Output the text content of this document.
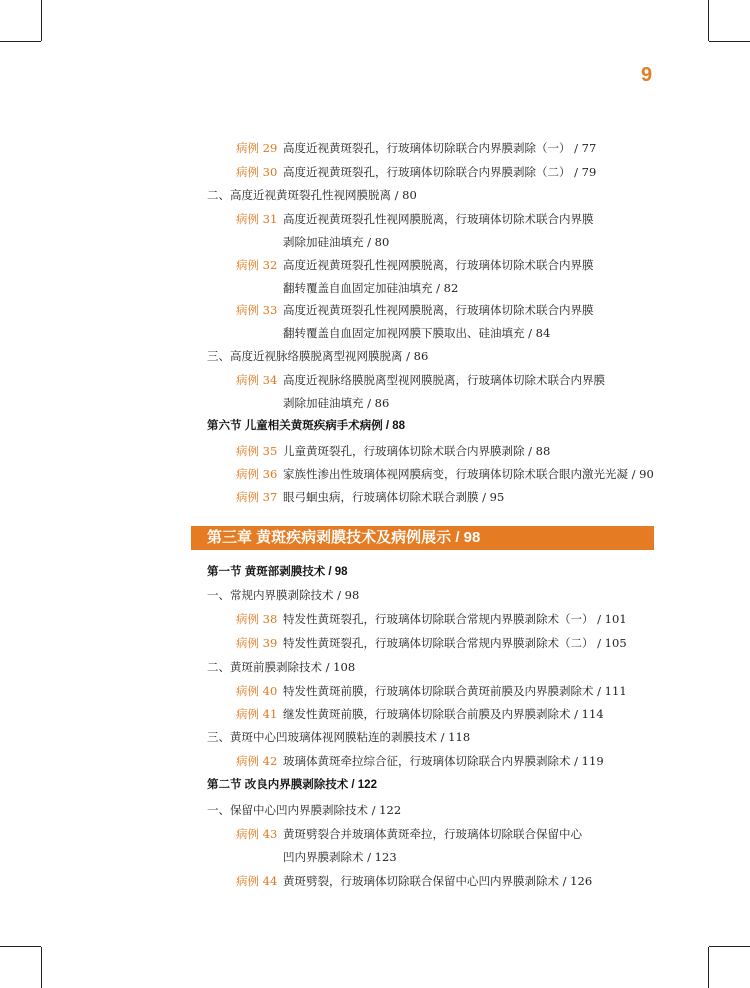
9
病例 29 高度近视黄斑裂孔，行玻璃体切除联合内界膜剥除（一） / 77
病例 30 高度近视黄斑裂孔，行玻璃体切除联合内界膜剥除（二） / 79
二、高度近视黄斑裂孔性视网膜脱离 / 80
病例 31 高度近视黄斑裂孔性视网膜脱离，行玻璃体切除术联合内界膜
剥除加硅油填充 / 80
病例 32 高度近视黄斑裂孔性视网膜脱离，行玻璃体切除术联合内界膜
翻转覆盖自血固定加硅油填充 / 82
病例 33 高度近视黄斑裂孔性视网膜脱离，行玻璃体切除术联合内界膜
翻转覆盖自血固定加视网膜下膜取出、硅油填充 / 84
三、高度近视脉络膜脱离型视网膜脱离 / 86
病例 34 高度近视脉络膜脱离型视网膜脱离，行玻璃体切除术联合内界膜
剥除加硅油填充 / 86
第六节 儿童相关黄斑疾病手术病例 / 88
病例 35 儿童黄斑裂孔，行玻璃体切除术联合内界膜剥除 / 88
病例 36 家族性渗出性玻璃体视网膜病变，行玻璃体切除术联合眼内激光光凝 / 90
病例 37 眼弓蛔虫病，行玻璃体切除术联合剥膜 / 95
第三章 黄斑疾病剥膜技术及病例展示 / 98
第一节 黄斑部剥膜技术 / 98
一、常规内界膜剥除技术 / 98
病例 38 特发性黄斑裂孔，行玻璃体切除联合常规内界膜剥除术（一） / 101
病例 39 特发性黄斑裂孔，行玻璃体切除联合常规内界膜剥除术（二） / 105
二、黄斑前膜剥除技术 / 108
病例 40 特发性黄斑前膜，行玻璃体切除联合黄斑前膜及内界膜剥除术 / 111
病例 41 继发性黄斑前膜，行玻璃体切除联合前膜及内界膜剥除术 / 114
三、黄斑中心凹玻璃体视网膜粘连的剥膜技术 / 118
病例 42 玻璃体黄斑牵拉综合征，行玻璃体切除联合内界膜剥除术 / 119
第二节 改良内界膜剥除技术 / 122
一、保留中心凹内界膜剥除技术 / 122
病例 43 黄斑劈裂合并玻璃体黄斑牵拉，行玻璃体切除联合保留中心
凹内界膜剥除术 / 123
病例 44 黄斑劈裂，行玻璃体切除联合保留中心凹内界膜剥除术 / 126
